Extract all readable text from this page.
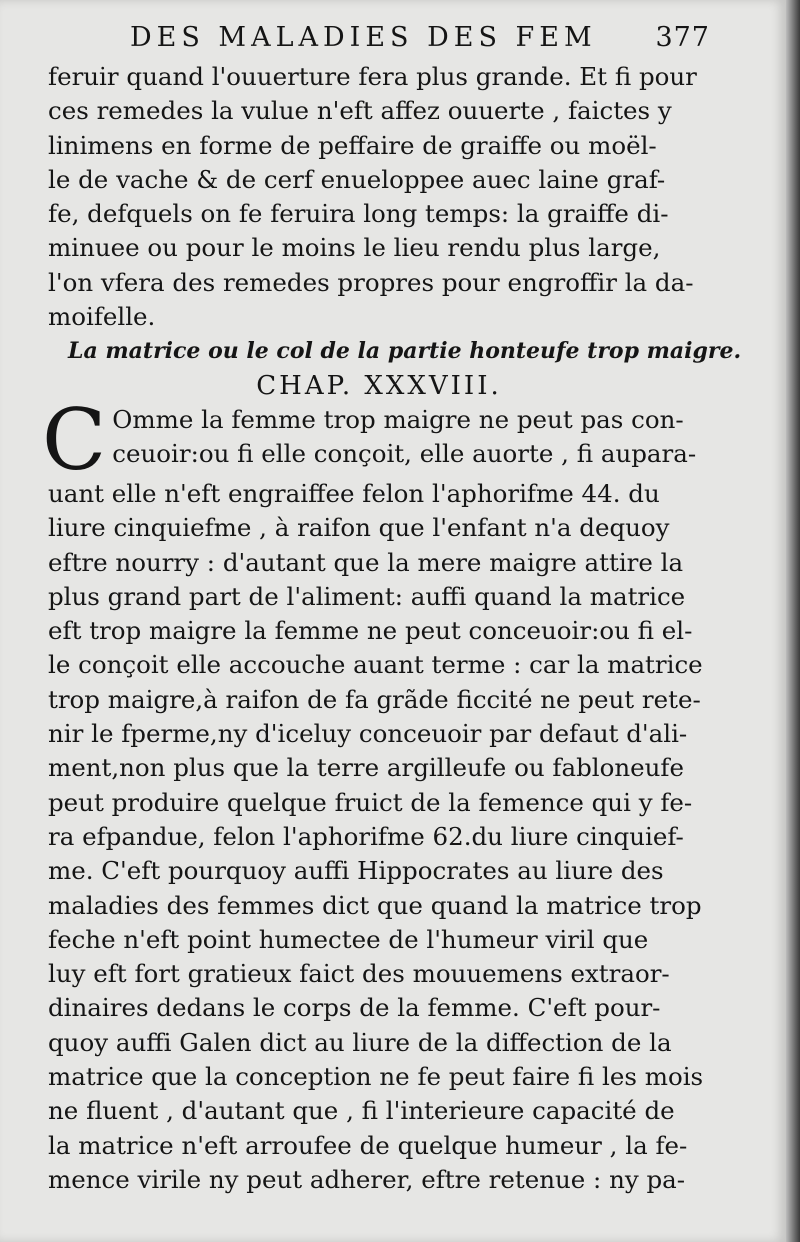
DES MALADIES DES FEM 377
feruir quand l'ouuerture fera plus grande. Et fi pour
ces remedes la vulue n'eft affez ouuerte , faictes y
linimens en forme de peffaire de graiffe ou moël-
le de vache & de cerf enueloppee auec laine graf-
fe, defquels on fe feruira long temps: la graiffe di-
minuee ou pour le moins le lieu rendu plus large,
l'on vfera des remedes propres pour engroffir la da-
moifelle.
La matrice ou le col de la partie honteufe trop maigre.
CHAP. XXXVIII.
C Omme la femme trop maigre ne peut pas con-
ceuoir:ou fi elle conçoit, elle auorte , fi auparа-
uant elle n'eft engraiffee felon l'aphorifme 44. du
liure cinquiefme , à raifon que l'enfant n'a dequoy
eftre nourry : d'autant que la mere maigre attire la
plus grand part de l'aliment: auffi quand la matrice
eft trop maigre la femme ne peut conceuoir:ou fi el-
le conçoit elle accouche auant terme : car la matrice
trop maigre,à raifon de fa grãde ficcité ne peut rete-
nir le fperme,ny d'iceluy conceuoir par defaut d'ali-
ment,non plus que la terre argilleufe ou fabloneufe
peut produire quelque fruict de la femence qui y fe-
ra efpandue, felon l'aphorifme 62.du liure cinquief-
me. C'eft pourquoy auffi Hippocrates au liure des
maladies des femmes dict que quand la matrice trop
feche n'eft point humectee de l'humeur viril que
luy eft fort gratieux faict des mouuemens extraor-
dinaires dedans le corps de la femme. C'eft pour-
quoy auffi Galen dict au liure de la diffection de la
matrice que la conception ne fe peut faire fi les mois
ne fluent , d'autant que , fi l'interieure capacité de
la matrice n'eft arroufee de quelque humeur , la fe-
mence virile ny peut adherer, eftre retenue : ny pa-
